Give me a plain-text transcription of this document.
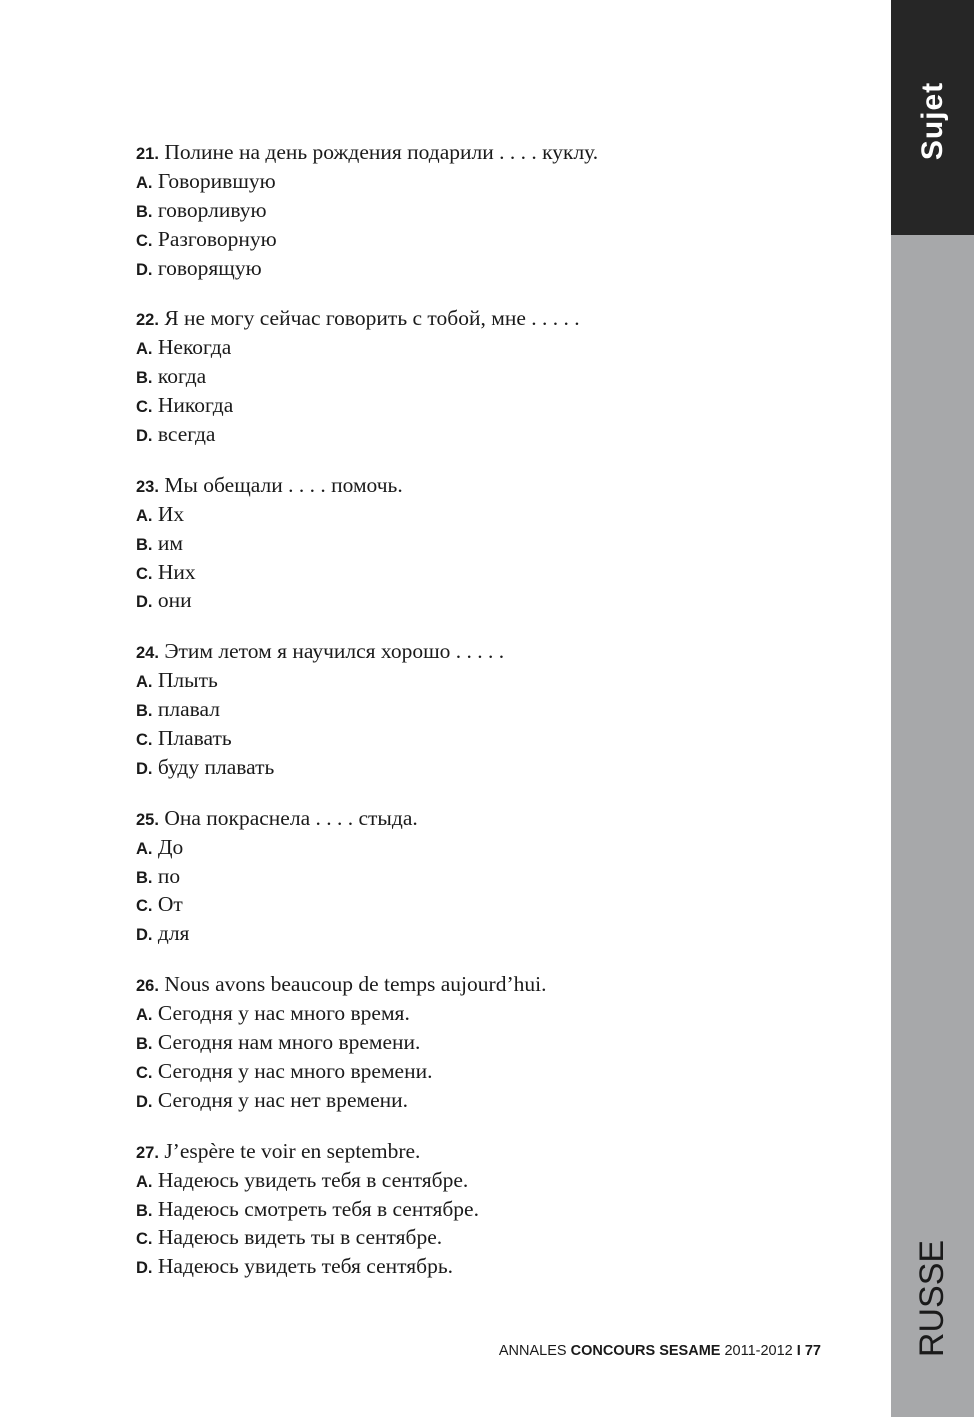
Sujet
RUSSE
21. Полине на день рождения подарили . . . . куклу.
A. Говорившую
B. говорливую
C. Разговорную
D. говорящую
22. Я не могу сейчас говорить с тобой, мне . . . . .
A. Некогда
B. когда
C. Никогда
D. всегда
23. Мы обещали . . . . помочь.
A. Их
B. им
C. Них
D. они
24. Этим летом я научился хорошо . . . . .
A. Плыть
B. плавал
C. Плавать
D. буду плавать
25. Она покраснела . . . . стыда.
A. До
B. по
C. От
D. для
26. Nous avons beaucoup de temps aujourd’hui.
A. Сегодня у нас много время.
B. Сегодня нам много времени.
C. Сегодня у нас много времени.
D. Сегодня у нас нет времени.
27. J’espère te voir en septembre.
A. Надеюсь увидеть тебя в сентябре.
B. Надеюсь смотреть тебя в сентябре.
C. Надеюсь видеть ты в сентябре.
D. Надеюсь увидеть тебя сентябрь.
ANNALES CONCOURS SESAME 2011-2012 I 77
